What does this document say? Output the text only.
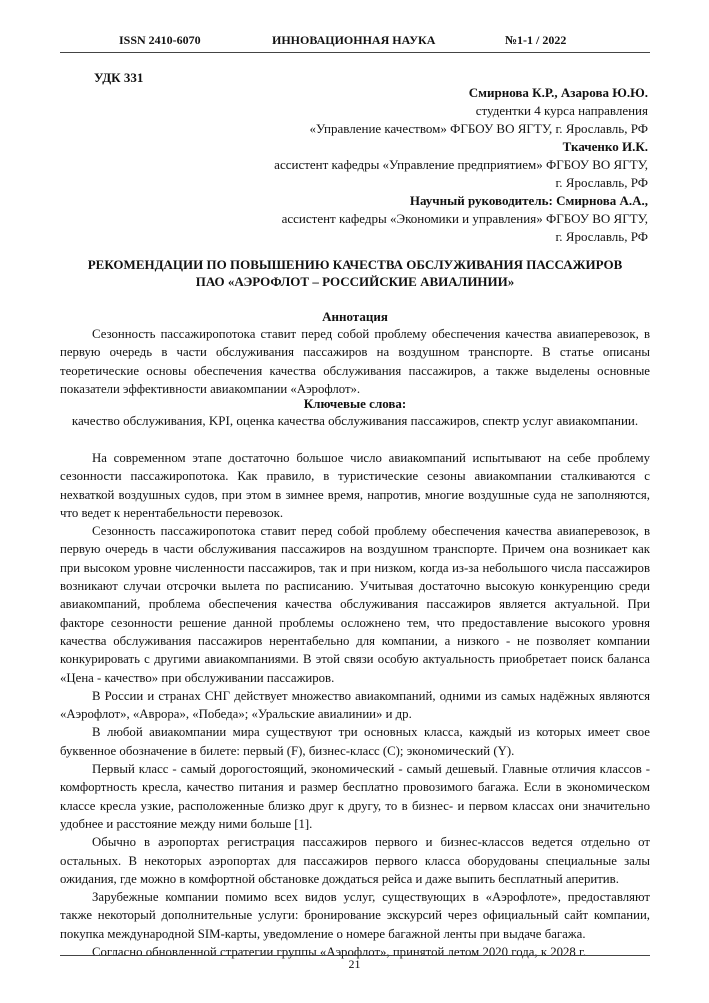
ISSN 2410-6070	ИННОВАЦИОННАЯ НАУКА	№1-1 / 2022
УДК 331
Смирнова К.Р., Азарова Ю.Ю.
студентки 4 курса направления
«Управление качеством» ФГБОУ ВО ЯГТУ, г. Ярославль, РФ
Ткаченко И.К.
ассистент кафедры «Управление предприятием» ФГБОУ ВО ЯГТУ,
г. Ярославль, РФ
Научный руководитель: Смирнова А.А.,
ассистент кафедры «Экономики и управления» ФГБОУ ВО ЯГТУ,
г. Ярославль, РФ
РЕКОМЕНДАЦИИ ПО ПОВЫШЕНИЮ КАЧЕСТВА ОБСЛУЖИВАНИЯ ПАССАЖИРОВ
ПАО «АЭРОФЛОТ – РОССИЙСКИЕ АВИАЛИНИИ»
Аннотация

Сезонность пассажиропотока ставит перед собой проблему обеспечения качества авиаперевозок, в первую очередь в части обслуживания пассажиров на воздушном транспорте. В статье описаны теоретические основы обеспечения качества обслуживания пассажиров, а также выделены основные показатели эффективности авиакомпании «Аэрофлот».

Ключевые слова:
качество обслуживания, KPI, оценка качества обслуживания пассажиров, спектр услуг авиакомпании.

На современном этапе достаточно большое число авиакомпаний испытывают на себе проблему сезонности пассажиропотока. Как правило, в туристические сезоны авиакомпании сталкиваются с нехваткой воздушных судов, при этом в зимнее время, напротив, многие воздушные суда не заполняются, что ведет к нерентабельности перевозок.

Сезонность пассажиропотока ставит перед собой проблему обеспечения качества авиаперевозок, в первую очередь в части обслуживания пассажиров на воздушном транспорте. Причем она возникает как при высоком уровне численности пассажиров, так и при низком, когда из-за небольшого числа пассажиров возникают случаи отсрочки вылета по расписанию. Учитывая достаточно высокую конкуренцию среди авиакомпаний, проблема обеспечения качества обслуживания пассажиров является актуальной. При факторе сезонности решение данной проблемы осложнено тем, что предоставление высокого уровня качества обслуживания пассажиров нерентабельно для компании, а низкого - не позволяет компании конкурировать с другими авиакомпаниями. В этой связи особую актуальность приобретает поиск баланса «Цена - качество» при обслуживании пассажиров.

В России и странах СНГ действует множество авиакомпаний, одними из самых надёжных являются «Аэрофлот», «Аврора», «Победа»; «Уральские авиалинии» и др.

В любой авиакомпании мира существуют три основных класса, каждый из которых имеет свое буквенное обозначение в билете: первый (F), бизнес-класс (C); экономический (Y).

Первый класс - самый дорогостоящий, экономический - самый дешевый. Главные отличия классов - комфортность кресла, качество питания и размер бесплатно провозимого багажа. Если в экономическом классе кресла узкие, расположенные близко друг к другу, то в бизнес- и первом классах они значительно удобнее и расстояние между ними больше [1].

Обычно в аэропортах регистрация пассажиров первого и бизнес-классов ведется отдельно от остальных. В некоторых аэропортах для пассажиров первого класса оборудованы специальные залы ожидания, где можно в комфортной обстановке дождаться рейса и даже выпить бесплатный аперитив.

Зарубежные компании помимо всех видов услуг, существующих в «Аэрофлоте», предоставляют также некоторый дополнительные услуги: бронирование экскурсий через официальный сайт компании, покупка международной SIM-карты, уведомление о номере багажной ленты при выдаче багажа.

Согласно обновленной стратегии группы «Аэрофлот», принятой летом 2020 года, к 2028 г.

21
